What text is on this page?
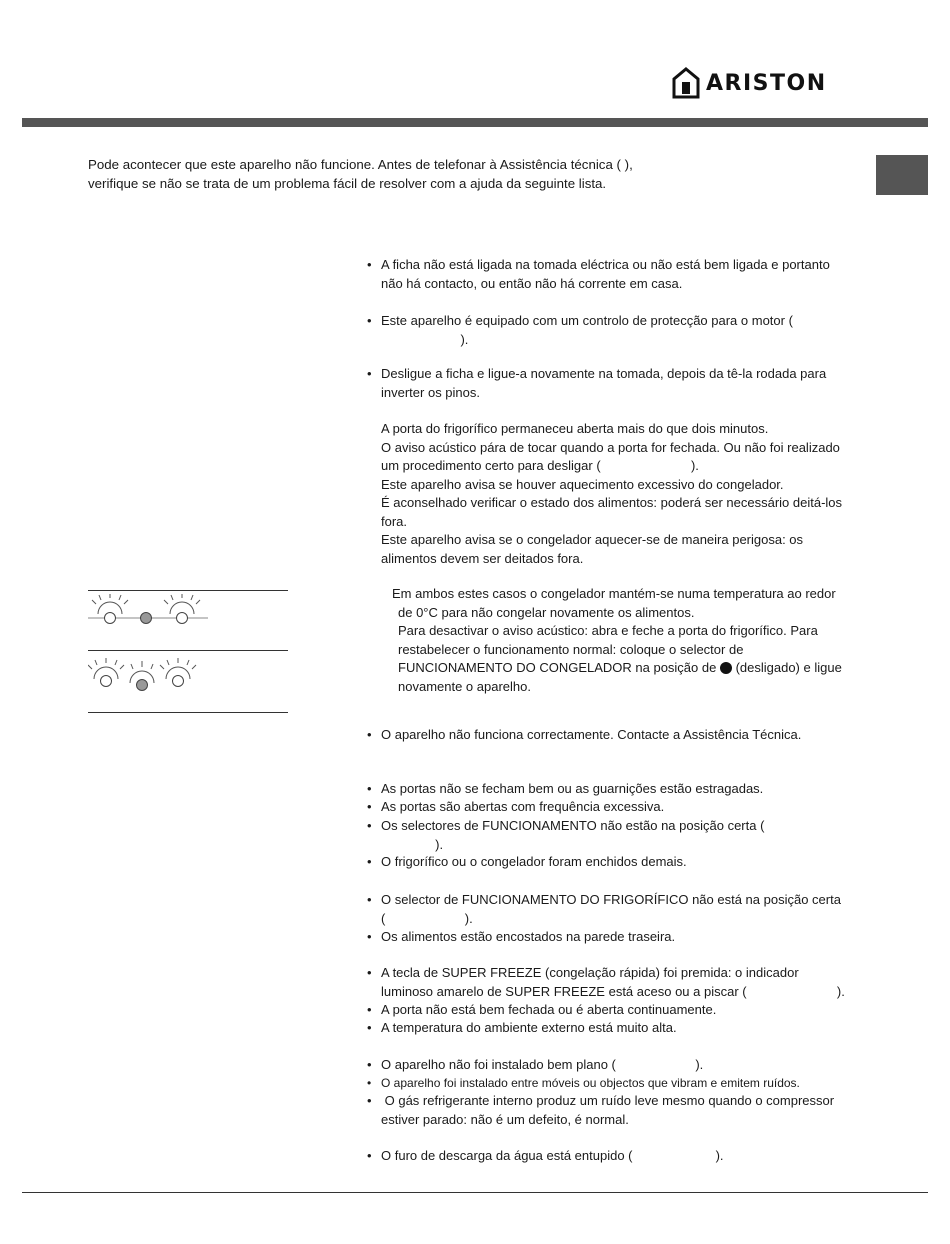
ARISTON

Pode acontecer que este aparelho não funcione. Antes de telefonar à Assistência técnica ( ),
verifique se não se trata de um problema fácil de resolver com a ajuda da seguinte lista.

• A ficha não está ligada na tomada eléctrica ou não está bem ligada e portanto
não há contacto, ou então não há corrente em casa.

• Este aparelho é equipado com um controlo de protecção para o motor (
).

• Desligue a ficha e ligue-a novamente na tomada, depois da tê-la rodada para
inverter os pinos.

A porta do frigorífico permaneceu aberta mais do que dois minutos.
O aviso acústico pára de tocar quando a porta for fechada. Ou não foi realizado
um procedimento certo para desligar (                         ).
Este aparelho avisa se houver aquecimento excessivo do congelador.
É aconselhado verificar o estado dos alimentos: poderá ser necessário deitá-los
fora.
Este aparelho avisa se o congelador aquecer-se de maneira perigosa: os
alimentos devem ser deitados fora.

Em ambos estes casos o congelador mantém-se numa temperatura ao redor
de 0°C para não congelar novamente os alimentos.
Para desactivar o aviso acústico: abra e feche a porta do frigorífico. Para
restabelecer o funcionamento normal: coloque o selector de
FUNCIONAMENTO DO CONGELADOR na posição de  (desligado) e ligue
novamente o aparelho.

• O aparelho não funciona correctamente. Contacte a Assistência Técnica.

• As portas não se fecham bem ou as guarnições estão estragadas.

• As portas são abertas com frequência excessiva.

• Os selectores de FUNCIONAMENTO não estão na posição certa (
).

• O frigorífico ou o congelador foram enchidos demais.

• O selector de FUNCIONAMENTO DO FRIGORÍFICO não está na posição certa
(                      ).

• Os alimentos estão encostados na parede traseira.

• A tecla de SUPER FREEZE (congelação rápida) foi premida: o indicador
luminoso amarelo de SUPER FREEZE está aceso ou a piscar (                         ).

• A porta não está bem fechada ou é aberta continuamente.

• A temperatura do ambiente externo está muito alta.

• O aparelho não foi instalado bem plano (                      ).

• O aparelho foi instalado entre móveis ou objectos que vibram e emitem ruídos.

•  O gás refrigerante interno produz um ruído leve mesmo quando o compressor
estiver parado: não é um defeito, é normal.

• O furo de descarga da água está entupido (                       ).
